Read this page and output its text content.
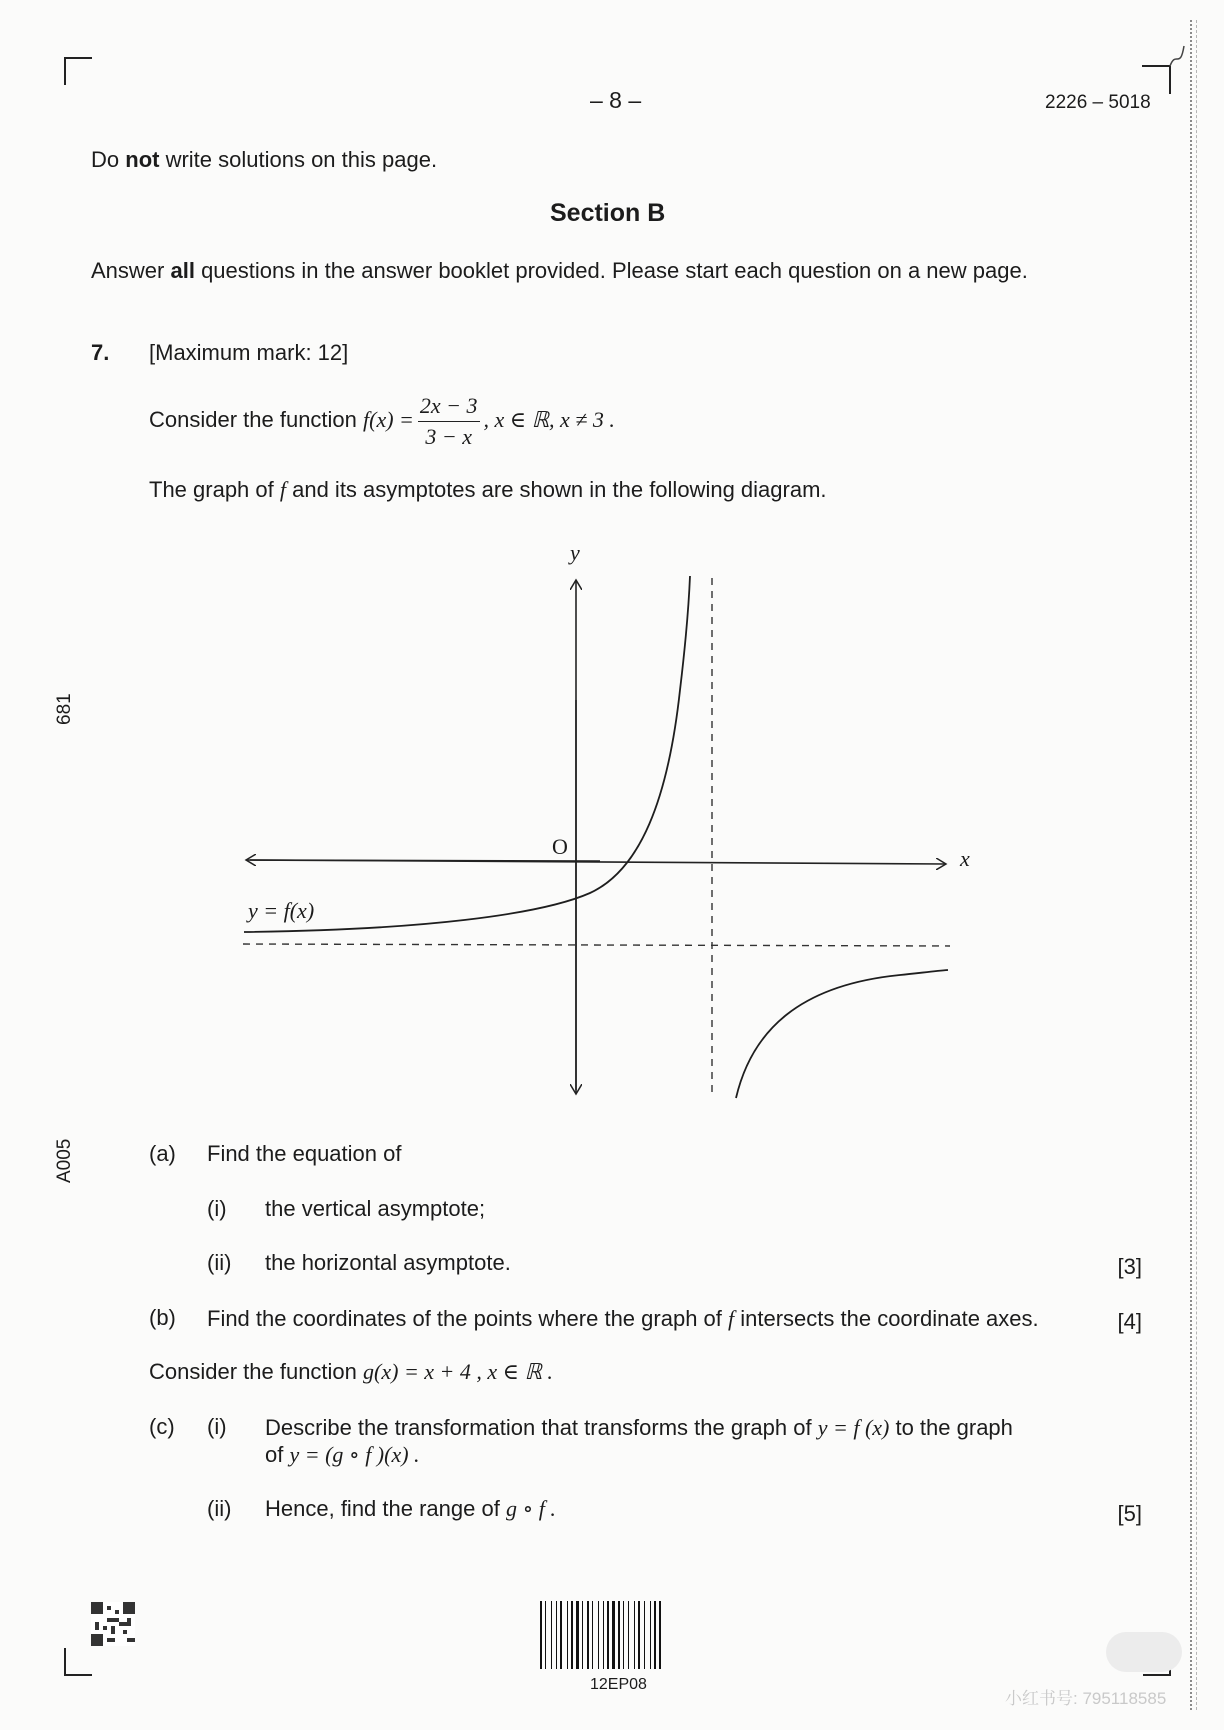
– 8 –	2226 – 5018
Do not write solutions on this page.
Section B
Answer all questions in the answer booklet provided. Please start each question on a new page.
7. [Maximum mark: 12]
Consider the function $f(x) = \frac{2x - 3}{3 - x}$ , x ∈ ℝ, x ≠ 3 .
The graph of f and its asymptotes are shown in the following diagram.
y
x
O
y = f(x)
(a) Find the equation of
(i) the vertical asymptote;
(ii) the horizontal asymptote.	[3]
(b) Find the coordinates of the points where the graph of f intersects the coordinate axes.	[4]
Consider the function g(x) = x + 4 , x ∈ ℝ .
(c) (i) Describe the transformation that transforms the graph of y = f (x) to the graph
of y = (g ∘ f )(x) .
(ii) Hence, find the range of g ∘ f .	[5]
681
A005
12EP08
小红书号: 795118585
